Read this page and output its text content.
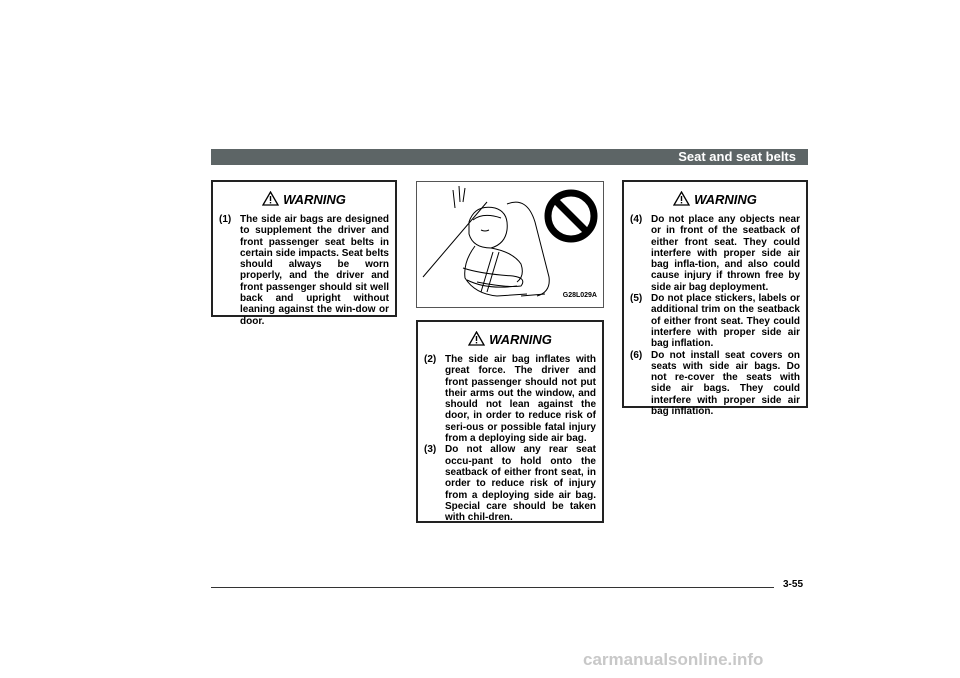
Seat and seat belts
WARNING
(1) The side air bags are designed to supplement the driver and front passenger seat belts in certain side impacts. Seat belts should always be worn properly, and the driver and front passenger should sit well back and upright without leaning against the win-dow or door.
G28L029A
WARNING
(2) The side air bag inflates with great force. The driver and front passenger should not put their arms out the window, and should not lean against the door, in order to reduce risk of seri-ous or possible fatal injury from a deploying side air bag.
(3) Do not allow any rear seat occu-pant to hold onto the seatback of either front seat, in order to reduce risk of injury from a deploying side air bag. Special care should be taken with chil-dren.
WARNING
(4) Do not place any objects near or in front of the seatback of either front seat. They could interfere with proper side air bag infla-tion, and also could cause injury if thrown free by side air bag deployment.
(5) Do not place stickers, labels or additional trim on the seatback of either front seat. They could interfere with proper side air bag inflation.
(6) Do not install seat covers on seats with side air bags. Do not re-cover the seats with side air bags. They could interfere with proper side air bag inflation.
3-55
carmanualsonline.info
